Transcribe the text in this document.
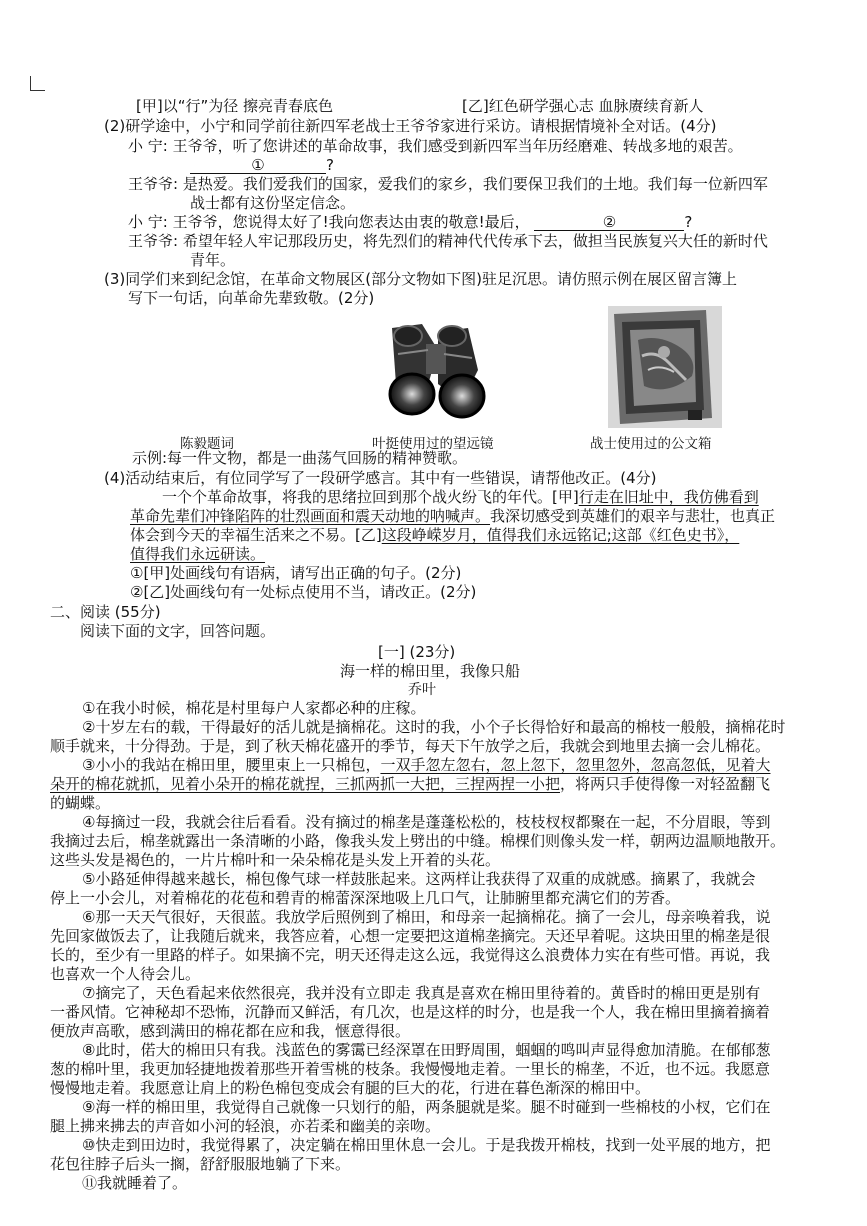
[甲]以“行”为径 擦亮青春底色	[乙]红色研学强心志 血脉赓续育新人
(2)研学途中，小宁和同学前往新四军老战士王爷爷家进行采访。请根据情境补全对话。(4分)
小 宁: 王爷爷，听了您讲述的革命故事，我们感受到新四军当年历经磨难、转战多地的艰苦。
①	?
王爷爷: 是热爱。我们爱我们的国家，爱我们的家乡，我们要保卫我们的土地。我们每一位新四军
战士都有这份坚定信念。
小 宁: 王爷爷，您说得太好了!我向您表达由衷的敬意!最后，	②	?
王爷爷: 希望年轻人牢记那段历史，将先烈们的精神代代传承下去，做担当民族复兴大任的新时代
青年。
(3)同学们来到纪念馆，在革命文物展区(部分文物如下图)驻足沉思。请仿照示例在展区留言簿上
写下一句话，向革命先辈致敬。(2分)
陈毅题词	叶挺使用过的望远镜	战士使用过的公文箱
示例:每一件文物，都是一曲荡气回肠的精神赞歌。
(4)活动结束后，有位同学写了一段研学感言。其中有一些错误，请帮他改正。(4分)
一个个革命故事，将我的思绪拉回到那个战火纷飞的年代。[甲]行走在旧址中，我仿佛看到
革命先辈们冲锋陷阵的壮烈画面和震天动地的呐喊声。我深切感受到英雄们的艰辛与悲壮，也真正
体会到今天的幸福生活来之不易。[乙]这段峥嵘岁月，值得我们永远铭记;这部《红色史书》，
值得我们永远研读。
①[甲]处画线句有语病，请写出正确的句子。(2分)
②[乙]处画线句有一处标点使用不当，请改正。(2分)
二、阅读 (55分)
阅读下面的文字，回答问题。
[一] (23分)
海一样的棉田里，我像只船
乔叶
①在我小时候，棉花是村里每户人家都必种的庄稼。
②十岁左右的载，干得最好的活儿就是摘棉花。这时的我，小个子长得恰好和最高的棉枝一般般，摘棉花时
顺手就来，十分得劲。于是，到了秋天棉花盛开的季节，每天下午放学之后，我就会到地里去摘一会儿棉花。
③小小的我站在棉田里，腰里束上一只棉包，一双手忽左忽右，忽上忽下，忽里忽外，忽高忽低，见着大
朵开的棉花就抓，见着小朵开的棉花就捏，三抓两抓一大把，三捏两捏一小把，将两只手使得像一对轻盈翻飞
的蝴蝶。
④每摘过一段，我就会往后看看。没有摘过的棉垄是蓬蓬松松的，枝枝杈杈都聚在一起，不分眉眼，等到
我摘过去后，棉垄就露出一条清晰的小路，像我头发上劈出的中缝。棉棵们则像头发一样，朝两边温顺地散开。
这些头发是褐色的，一片片棉叶和一朵朵棉花是头发上开着的头花。
⑤小路延伸得越来越长，棉包像气球一样鼓胀起来。这两样让我获得了双重的成就感。摘累了，我就会
停上一小会儿，对着棉花的花苞和碧青的棉蕾深深地吸上几口气，让肺腑里都充满它们的芳香。
⑥那一天天气很好，天很蓝。我放学后照例到了棉田，和母亲一起摘棉花。摘了一会儿，母亲唤着我，说
先回家做饭去了，让我随后就来，我答应着，心想一定要把这道棉垄摘完。天还早着呢。这块田里的棉垄是很
长的，至少有一里路的样子。如果摘不完，明天还得走这么远，我觉得这么浪费体力实在有些可惜。再说，我
也喜欢一个人待会儿。
⑦摘完了，天色看起来依然很亮，我并没有立即走 我真是喜欢在棉田里待着的。黄昏时的棉田更是别有
一番风情。它神秘却不恐怖，沉静而又鲜活，有几次，也是这样的时分，也是我一个人，我在棉田里摘着摘着
便放声高歌，感到满田的棉花都在应和我，惬意得很。
⑧此时，偌大的棉田只有我。浅蓝色的雾霭已经深罩在田野周围，蝈蝈的鸣叫声显得愈加清脆。在郁郁葱
葱的棉叶里，我更加轻捷地拨着那些开着雪桃的枝条。我慢慢地走着。一里长的棉垄，不近，也不远。我愿意
慢慢地走着。我愿意让肩上的粉色棉包变成会有腿的巨大的花，行进在暮色渐深的棉田中。
⑨海一样的棉田里，我觉得自己就像一只划行的船，两条腿就是桨。腿不时碰到一些棉枝的小杈，它们在
腿上拂来拂去的声音如小河的轻浪，亦若柔和幽美的亲吻。
⑩快走到田边时，我觉得累了，决定躺在棉田里休息一会儿。于是我拨开棉枝，找到一处平展的地方，把
花包往脖子后头一搁，舒舒服服地躺了下来。
⑪我就睡着了。
